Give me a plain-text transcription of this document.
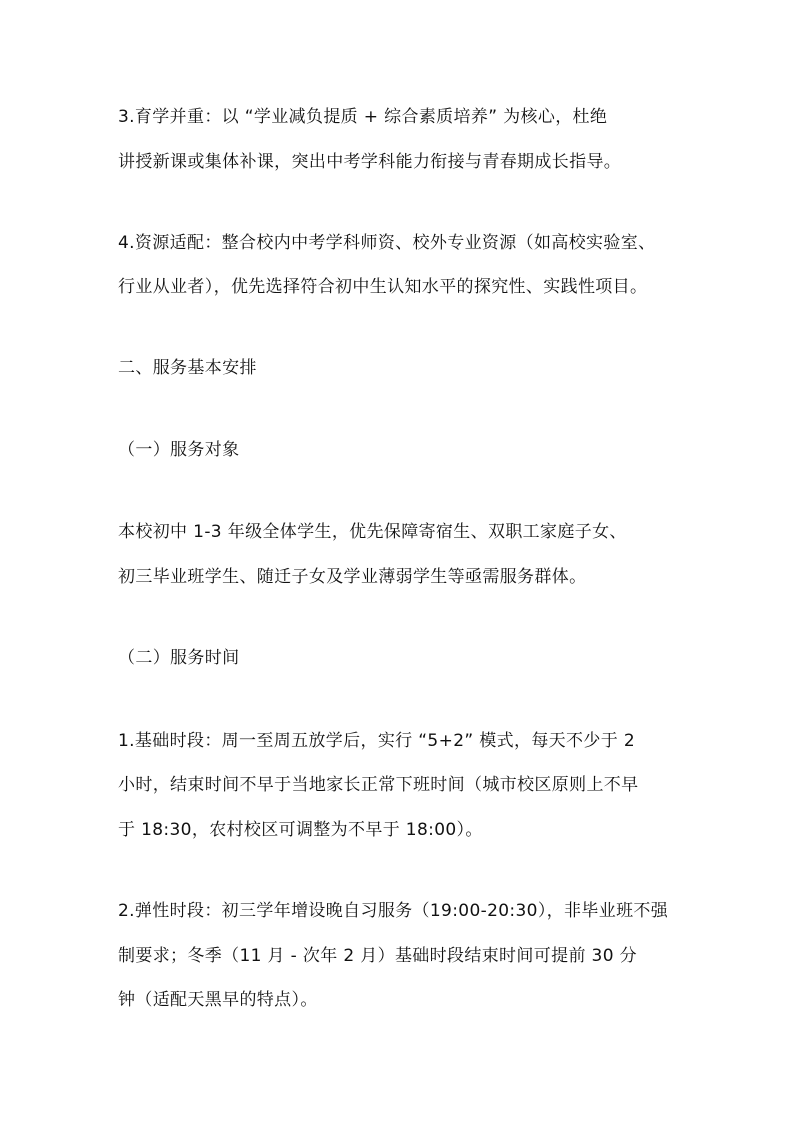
3.育学并重：以 “学业减负提质 + 综合素质培养” 为核心，杜绝
讲授新课或集体补课，突出中考学科能力衔接与青春期成长指导。
4.资源适配：整合校内中考学科师资、校外专业资源（如高校实验室、
行业从业者），优先选择符合初中生认知水平的探究性、实践性项目。
二、服务基本安排
（一）服务对象
本校初中 1-3 年级全体学生，优先保障寄宿生、双职工家庭子女、
初三毕业班学生、随迁子女及学业薄弱学生等亟需服务群体。
（二）服务时间
1.基础时段：周一至周五放学后，实行 “5+2” 模式，每天不少于 2
小时，结束时间不早于当地家长正常下班时间（城市校区原则上不早
于 18:30，农村校区可调整为不早于 18:00）。
2.弹性时段：初三学年增设晚自习服务（19:00-20:30），非毕业班不强
制要求；冬季（11 月 - 次年 2 月）基础时段结束时间可提前 30 分
钟（适配天黑早的特点）。
